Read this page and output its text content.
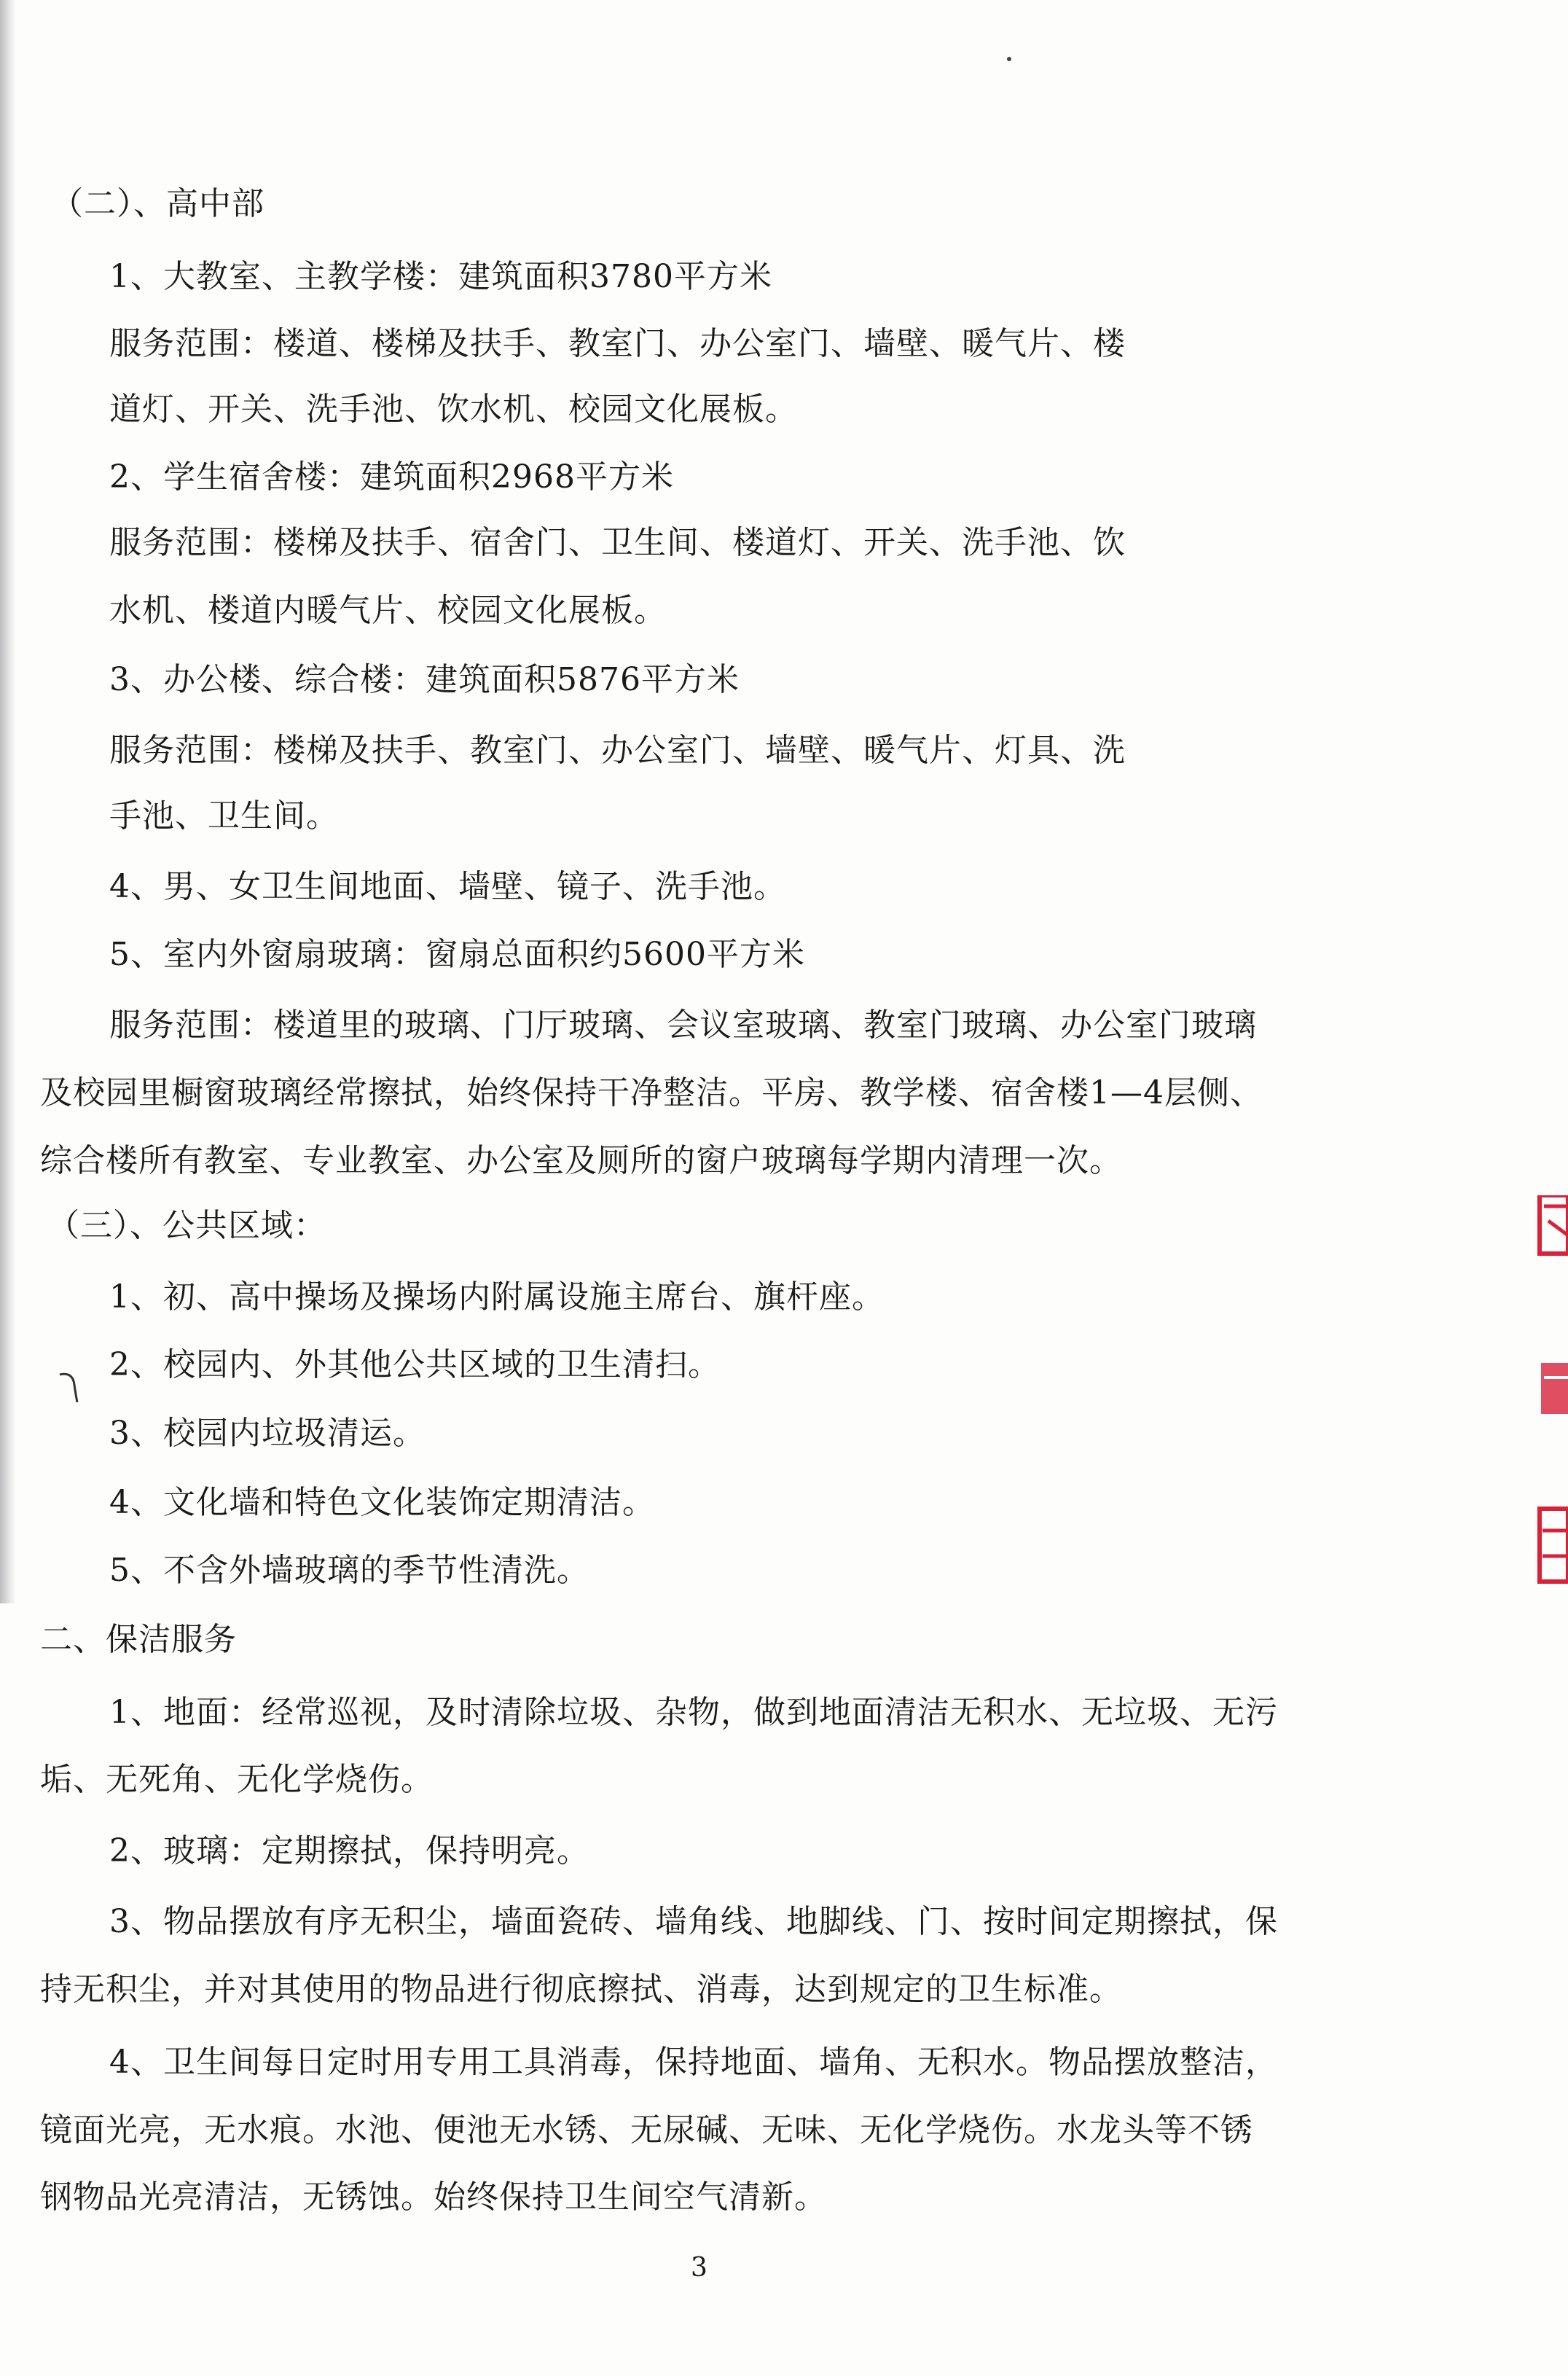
（二）、高中部
1、大教室、主教学楼：建筑面积3780平方米
服务范围：楼道、楼梯及扶手、教室门、办公室门、墙壁、暖气片、楼
道灯、开关、洗手池、饮水机、校园文化展板。
2、学生宿舍楼：建筑面积2968平方米
服务范围：楼梯及扶手、宿舍门、卫生间、楼道灯、开关、洗手池、饮
水机、楼道内暖气片、校园文化展板。
3、办公楼、综合楼：建筑面积5876平方米
服务范围：楼梯及扶手、教室门、办公室门、墙壁、暖气片、灯具、洗
手池、卫生间。
4、男、女卫生间地面、墙壁、镜子、洗手池。
5、室内外窗扇玻璃：窗扇总面积约5600平方米
服务范围：楼道里的玻璃、门厅玻璃、会议室玻璃、教室门玻璃、办公室门玻璃
及校园里橱窗玻璃经常擦拭，始终保持干净整洁。平房、教学楼、宿舍楼1—4层侧、
综合楼所有教室、专业教室、办公室及厕所的窗户玻璃每学期内清理一次。
（三）、公共区域：
1、初、高中操场及操场内附属设施主席台、旗杆座。
2、校园内、外其他公共区域的卫生清扫。
3、校园内垃圾清运。
4、文化墙和特色文化装饰定期清洁。
5、不含外墙玻璃的季节性清洗。
二、保洁服务
1、地面：经常巡视，及时清除垃圾、杂物，做到地面清洁无积水、无垃圾、无污
垢、无死角、无化学烧伤。
2、玻璃：定期擦拭，保持明亮。
3、物品摆放有序无积尘，墙面瓷砖、墙角线、地脚线、门、按时间定期擦拭，保
持无积尘，并对其使用的物品进行彻底擦拭、消毒，达到规定的卫生标准。
4、卫生间每日定时用专用工具消毒，保持地面、墙角、无积水。物品摆放整洁，
镜面光亮，无水痕。水池、便池无水锈、无尿碱、无味、无化学烧伤。水龙头等不锈
钢物品光亮清洁，无锈蚀。始终保持卫生间空气清新。
3
